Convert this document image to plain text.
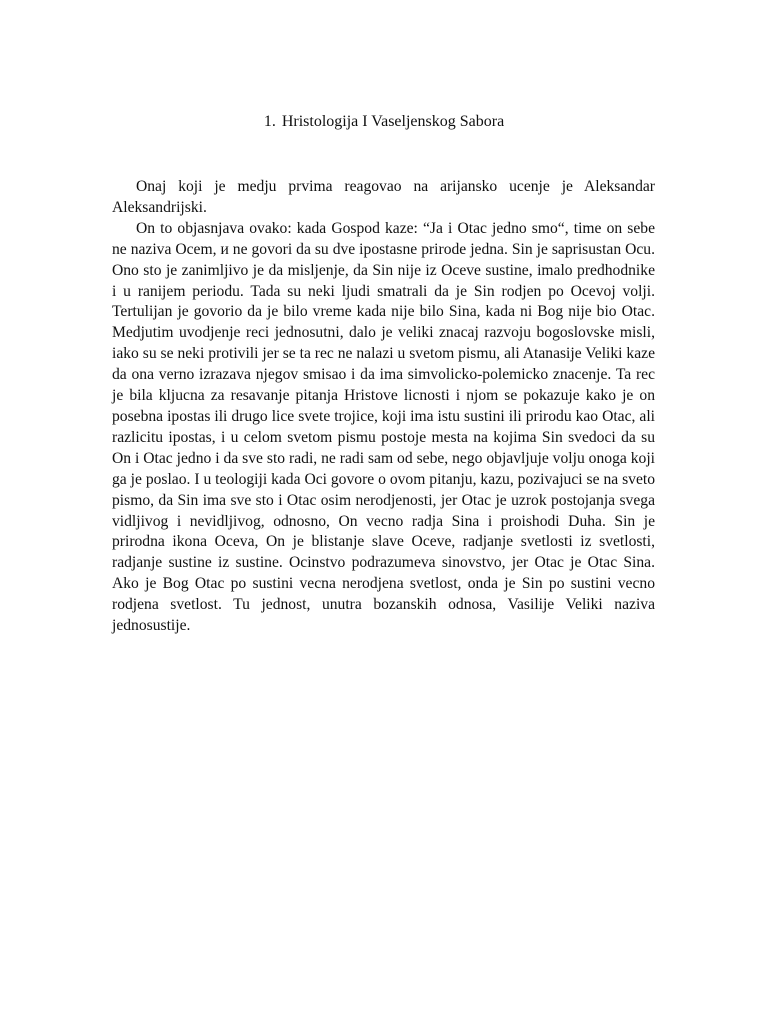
1. Hristologija I Vaseljenskog Sabora

Onaj koji je medju prvima reagovao na arijansko ucenje je Aleksandar Aleksandrijski.

On to objasnjava ovako: kada Gospod kaze: “Ja i Otac jedno smo“, time on sebe ne naziva Ocem, и ne govori da su dve ipostasne prirode jedna. Sin je saprisustan Ocu. Ono sto je zanimljivo je da misljenje, da Sin nije iz Oceve sustine, imalo predhodnike i u ranijem periodu. Tada su neki ljudi smatrali da je Sin rodjen po Ocevoj volji. Tertulijan je govorio da je bilo vreme kada nije bilo Sina, kada ni Bog nije bio Otac. Medjutim uvodjenje reci jednosutni, dalo je veliki znacaj razvoju bogoslovske misli, iako su se neki protivili jer se ta rec ne nalazi u svetom pismu, ali Atanasije Veliki kaze da ona verno izrazava njegov smisao i da ima simvolicko-polemicko znacenje. Ta rec je bila kljucna za resavanje pitanja Hristove licnosti i njom se pokazuje kako je on posebna ipostas ili drugo lice svete trojice, koji ima istu sustini ili prirodu kao Otac, ali razlicitu ipostas, i u celom svetom pismu postoje mesta na kojima Sin svedoci da su On i Otac jedno i da sve sto radi, ne radi sam od sebe, nego objavljuje volju onoga koji ga je poslao. I u teologiji kada Oci govore o ovom pitanju, kazu, pozivajuci se na sveto pismo, da Sin ima sve sto i Otac osim nerodjenosti, jer Otac je uzrok postojanja svega vidljivog i nevidljivog, odnosno, On vecno radja Sina i proishodi Duha. Sin je prirodna ikona Oceva, On je blistanje slave Oceve, radjanje svetlosti iz svetlosti, radjanje sustine iz sustine. Ocinstvo podrazumeva sinovstvo, jer Otac je Otac Sina. Ako je Bog Otac po sustini vecna nerodjena svetlost, onda je Sin po sustini vecno rodjena svetlost. Tu jednost, unutra bozanskih odnosa, Vasilije Veliki naziva jednosustije.
